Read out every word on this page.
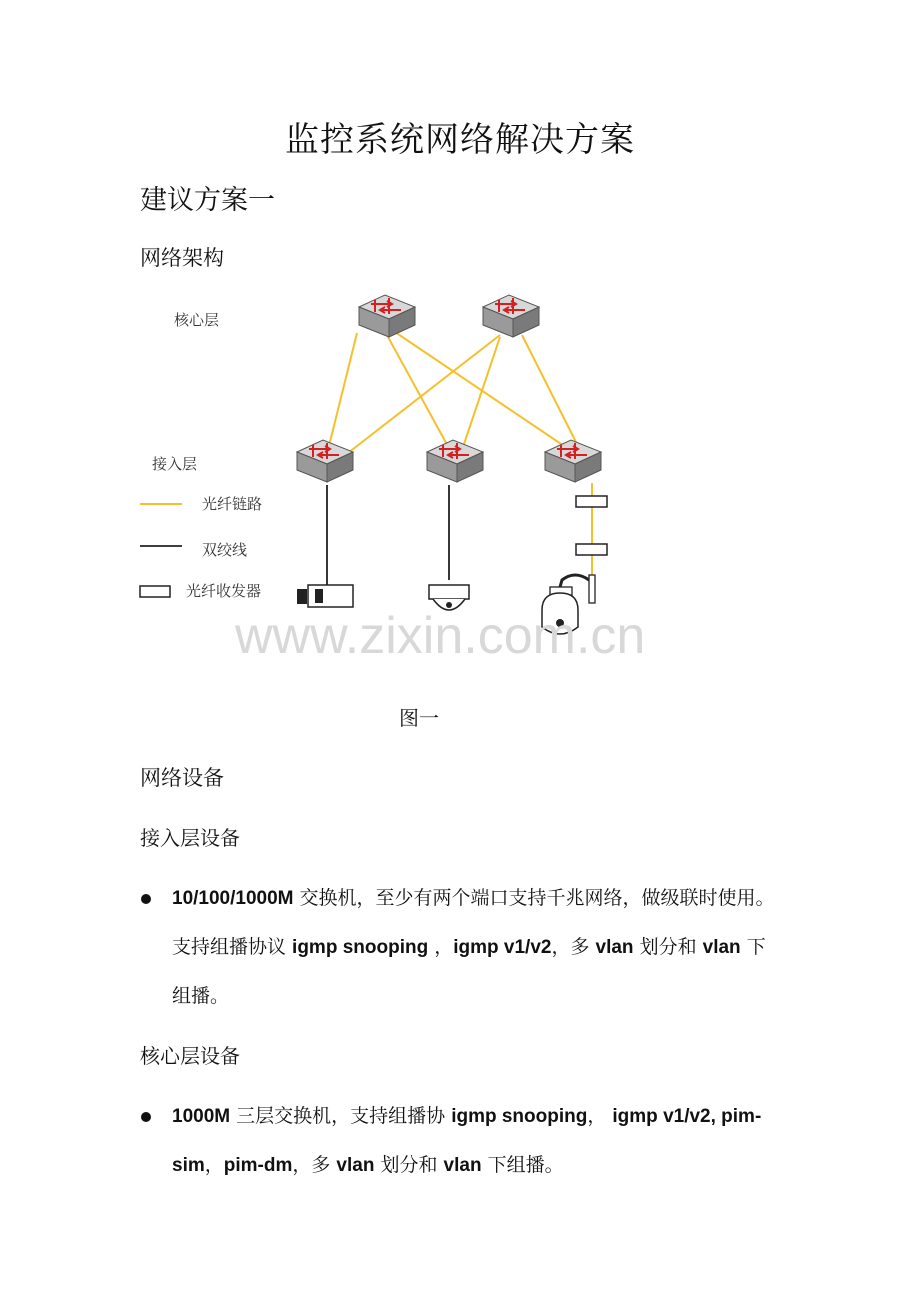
监控系统网络解决方案
建议方案一
网络架构
核心层
接入层
光纤链路
双绞线
光纤收发器
www.zixin.com.cn
图一
网络设备
接入层设备
10/100/1000M 交换机，至少有两个端口支持千兆网络，做级联时使用。支持组播协议 igmp snooping ，igmp v1/v2，多 vlan 划分和 vlan 下组播。
核心层设备
1000M 三层交换机，支持组播协 igmp snooping， igmp v1/v2, pim-sim，pim-dm，多 vlan 划分和 vlan 下组播。
